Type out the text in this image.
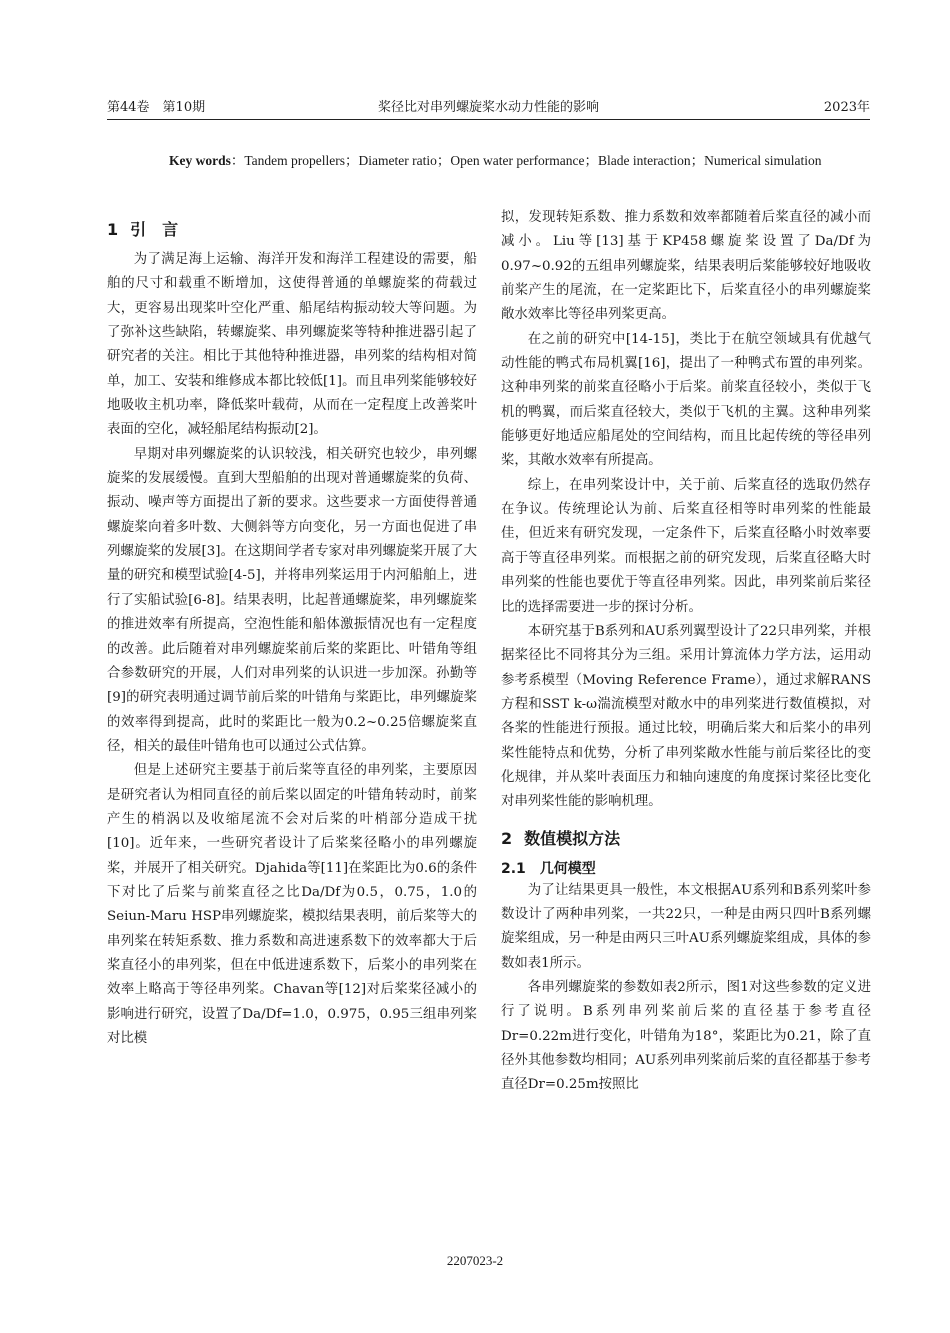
第44卷　第10期	桨径比对串列螺旋桨水动力性能的影响	2023年
Key words：Tandem propellers；Diameter ratio；Open water performance；Blade interaction；Numerical simulation
1 引　言

为了满足海上运输、海洋开发和海洋工程建设的需要，船舶的尺寸和载重不断增加，这使得普通的单螺旋桨的荷载过大，更容易出现桨叶空化严重、船尾结构振动较大等问题。为了弥补这些缺陷，转螺旋桨、串列螺旋桨等特种推进器引起了研究者的关注。相比于其他特种推进器，串列桨的结构相对简单，加工、安装和维修成本都比较低[1]。而且串列桨能够较好地吸收主机功率，降低桨叶载荷，从而在一定程度上改善桨叶表面的空化，减轻船尾结构振动[2]。

早期对串列螺旋桨的认识较浅，相关研究也较少，串列螺旋桨的发展缓慢。直到大型船舶的出现对普通螺旋桨的负荷、振动、噪声等方面提出了新的要求。这些要求一方面使得普通螺旋桨向着多叶数、大侧斜等方向变化，另一方面也促进了串列螺旋桨的发展[3]。在这期间学者专家对串列螺旋桨开展了大量的研究和模型试验[4-5]，并将串列桨运用于内河船舶上，进行了实船试验[6-8]。结果表明，比起普通螺旋桨，串列螺旋桨的推进效率有所提高，空泡性能和船体激振情况也有一定程度的改善。此后随着对串列螺旋桨前后桨的桨距比、叶错角等组合参数研究的开展，人们对串列桨的认识进一步加深。孙勤等[9]的研究表明通过调节前后桨的叶错角与桨距比，串列螺旋桨的效率得到提高，此时的桨距比一般为0.2~0.25倍螺旋桨直径，相关的最佳叶错角也可以通过公式估算。

但是上述研究主要基于前后桨等直径的串列桨，主要原因是研究者认为相同直径的前后桨以固定的叶错角转动时，前桨产生的梢涡以及收缩尾流不会对后桨的叶梢部分造成干扰[10]。近年来，一些研究者设计了后桨桨径略小的串列螺旋桨，并展开了相关研究。Djahida等[11]在桨距比为0.6的条件下对比了后桨与前桨直径之比Da/Df为0.5，0.75，1.0的Seiun-Maru HSP串列螺旋桨，模拟结果表明，前后桨等大的串列桨在转矩系数、推力系数和高进速系数下的效率都大于后桨直径小的串列桨，但在中低进速系数下，后桨小的串列桨在效率上略高于等径串列桨。Chavan等[12]对后桨桨径减小的影响进行研究，设置了Da/Df=1.0，0.975，0.95三组串列桨对比模

拟，发现转矩系数、推力系数和效率都随着后桨直径的减小而减小。Liu等[13]基于KP458螺旋桨设置了Da/Df为0.97~0.92的五组串列螺旋桨，结果表明后桨能够较好地吸收前桨产生的尾流，在一定桨距比下，后桨直径小的串列螺旋桨敞水效率比等径串列桨更高。

在之前的研究中[14-15]，类比于在航空领域具有优越气动性能的鸭式布局机翼[16]，提出了一种鸭式布置的串列桨。这种串列桨的前桨直径略小于后桨。前桨直径较小，类似于飞机的鸭翼，而后桨直径较大，类似于飞机的主翼。这种串列桨能够更好地适应船尾处的空间结构，而且比起传统的等径串列桨，其敞水效率有所提高。

综上，在串列桨设计中，关于前、后桨直径的选取仍然存在争议。传统理论认为前、后桨直径相等时串列桨的性能最佳，但近来有研究发现，一定条件下，后桨直径略小时效率要高于等直径串列桨。而根据之前的研究发现，后桨直径略大时串列桨的性能也要优于等直径串列桨。因此，串列桨前后桨径比的选择需要进一步的探讨分析。

本研究基于B系列和AU系列翼型设计了22只串列桨，并根据桨径比不同将其分为三组。采用计算流体力学方法，运用动参考系模型（Moving Reference Frame），通过求解RANS方程和SST k-ω湍流模型对敞水中的串列桨进行数值模拟，对各桨的性能进行预报。通过比较，明确后桨大和后桨小的串列桨性能特点和优势，分析了串列桨敞水性能与前后桨径比的变化规律，并从桨叶表面压力和轴向速度的角度探讨桨径比变化对串列桨性能的影响机理。

2 数值模拟方法
2.1 几何模型

为了让结果更具一般性，本文根据AU系列和B系列桨叶参数设计了两种串列桨，一共22只，一种是由两只四叶B系列螺旋桨组成，另一种是由两只三叶AU系列螺旋桨组成，具体的参数如表1所示。

各串列螺旋桨的参数如表2所示，图1对这些参数的定义进行了说明。B系列串列桨前后桨的直径基于参考直径Dr=0.22m进行变化，叶错角为18°，桨距比为0.21，除了直径外其他参数均相同；AU系列串列桨前后桨的直径都基于参考直径Dr=0.25m按照比

2207023-2
